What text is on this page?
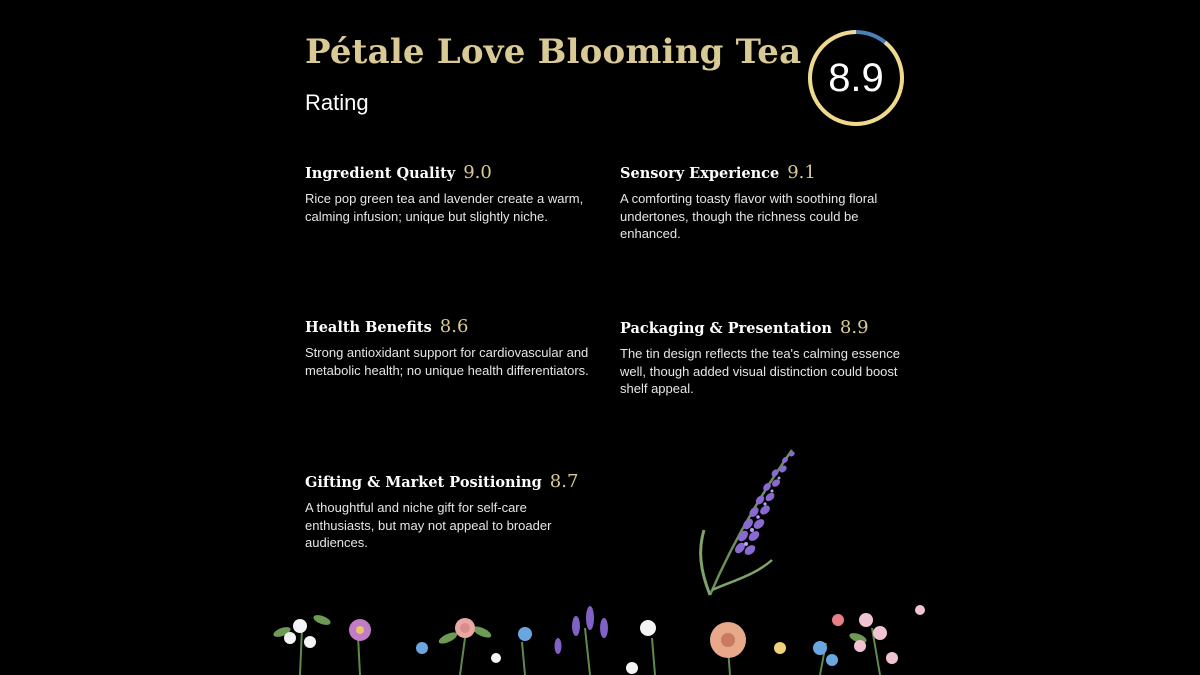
Pétale Love Blooming Tea
Rating
8.9
Ingredient Quality 9.0
Rice pop green tea and lavender create a warm, calming infusion; unique but slightly niche.
Sensory Experience 9.1
A comforting toasty flavor with soothing floral undertones, though the richness could be enhanced.
Health Benefits 8.6
Strong antioxidant support for cardiovascular and metabolic health; no unique health differentiators.
Packaging & Presentation 8.9
The tin design reflects the tea's calming essence well, though added visual distinction could boost shelf appeal.
Gifting & Market Positioning 8.7
A thoughtful and niche gift for self-care enthusiasts, but may not appeal to broader audiences.
